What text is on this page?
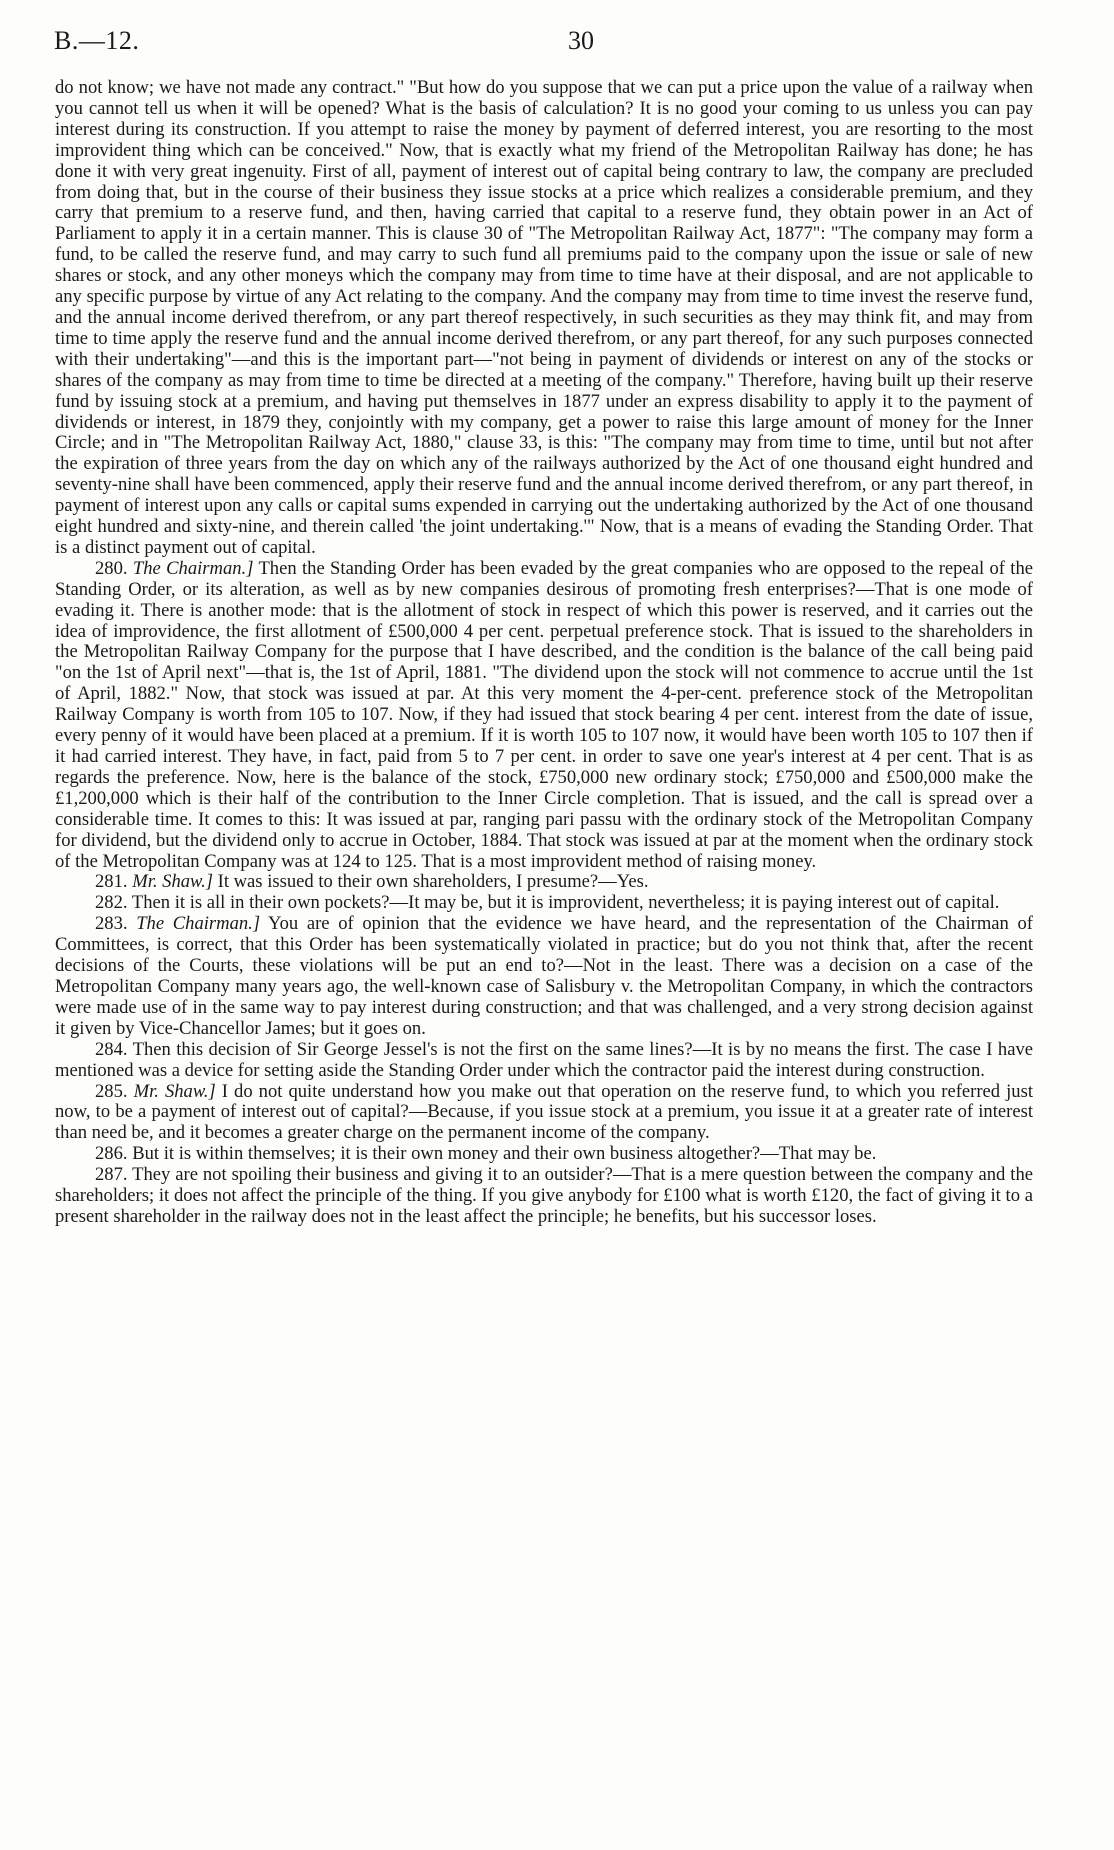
B.—12.	30

do not know; we have not made any contract." "But how do you suppose that we can put a price upon the value of a railway when you cannot tell us when it will be opened? What is the basis of calculation? It is no good your coming to us unless you can pay interest during its construction. If you attempt to raise the money by payment of deferred interest, you are resorting to the most improvident thing which can be conceived." Now, that is exactly what my friend of the Metropolitan Railway has done; he has done it with very great ingenuity. First of all, payment of interest out of capital being contrary to law, the company are precluded from doing that, but in the course of their business they issue stocks at a price which realizes a considerable premium, and they carry that premium to a reserve fund, and then, having carried that capital to a reserve fund, they obtain power in an Act of Parliament to apply it in a certain manner. This is clause 30 of "The Metropolitan Railway Act, 1877": "The company may form a fund, to be called the reserve fund, and may carry to such fund all premiums paid to the company upon the issue or sale of new shares or stock, and any other moneys which the company may from time to time have at their disposal, and are not applicable to any specific purpose by virtue of any Act relating to the company. And the company may from time to time invest the reserve fund, and the annual income derived therefrom, or any part thereof respectively, in such securities as they may think fit, and may from time to time apply the reserve fund and the annual income derived therefrom, or any part thereof, for any such purposes connected with their undertaking"—and this is the important part—"not being in payment of dividends or interest on any of the stocks or shares of the company as may from time to time be directed at a meeting of the company." Therefore, having built up their reserve fund by issuing stock at a premium, and having put themselves in 1877 under an express disability to apply it to the payment of dividends or interest, in 1879 they, conjointly with my company, get a power to raise this large amount of money for the Inner Circle; and in "The Metropolitan Railway Act, 1880," clause 33, is this: "The company may from time to time, until but not after the expiration of three years from the day on which any of the railways authorized by the Act of one thousand eight hundred and seventy-nine shall have been commenced, apply their reserve fund and the annual income derived therefrom, or any part thereof, in payment of interest upon any calls or capital sums expended in carrying out the undertaking authorized by the Act of one thousand eight hundred and sixty-nine, and therein called 'the joint undertaking.'" Now, that is a means of evading the Standing Order. That is a distinct payment out of capital.

280. The Chairman.] Then the Standing Order has been evaded by the great companies who are opposed to the repeal of the Standing Order, or its alteration, as well as by new companies desirous of promoting fresh enterprises?—That is one mode of evading it. There is another mode: that is the allotment of stock in respect of which this power is reserved, and it carries out the idea of improvidence, the first allotment of £500,000 4 per cent. perpetual preference stock. That is issued to the shareholders in the Metropolitan Railway Company for the purpose that I have described, and the condition is the balance of the call being paid "on the 1st of April next"—that is, the 1st of April, 1881. "The dividend upon the stock will not commence to accrue until the 1st of April, 1882." Now, that stock was issued at par. At this very moment the 4-per-cent. preference stock of the Metropolitan Railway Company is worth from 105 to 107. Now, if they had issued that stock bearing 4 per cent. interest from the date of issue, every penny of it would have been placed at a premium. If it is worth 105 to 107 now, it would have been worth 105 to 107 then if it had carried interest. They have, in fact, paid from 5 to 7 per cent. in order to save one year's interest at 4 per cent. That is as regards the preference. Now, here is the balance of the stock, £750,000 new ordinary stock; £750,000 and £500,000 make the £1,200,000 which is their half of the contribution to the Inner Circle completion. That is issued, and the call is spread over a considerable time. It comes to this: It was issued at par, ranging pari passu with the ordinary stock of the Metropolitan Company for dividend, but the dividend only to accrue in October, 1884. That stock was issued at par at the moment when the ordinary stock of the Metropolitan Company was at 124 to 125. That is a most improvident method of raising money.

281. Mr. Shaw.] It was issued to their own shareholders, I presume?—Yes.

282. Then it is all in their own pockets?—It may be, but it is improvident, nevertheless; it is paying interest out of capital.

283. The Chairman.] You are of opinion that the evidence we have heard, and the representation of the Chairman of Committees, is correct, that this Order has been systematically violated in practice; but do you not think that, after the recent decisions of the Courts, these violations will be put an end to?—Not in the least. There was a decision on a case of the Metropolitan Company many years ago, the well-known case of Salisbury v. the Metropolitan Company, in which the contractors were made use of in the same way to pay interest during construction; and that was challenged, and a very strong decision against it given by Vice-Chancellor James; but it goes on.

284. Then this decision of Sir George Jessel's is not the first on the same lines?—It is by no means the first. The case I have mentioned was a device for setting aside the Standing Order under which the contractor paid the interest during construction.

285. Mr. Shaw.] I do not quite understand how you make out that operation on the reserve fund, to which you referred just now, to be a payment of interest out of capital?—Because, if you issue stock at a premium, you issue it at a greater rate of interest than need be, and it becomes a greater charge on the permanent income of the company.

286. But it is within themselves; it is their own money and their own business altogether?—That may be.

287. They are not spoiling their business and giving it to an outsider?—That is a mere question between the company and the shareholders; it does not affect the principle of the thing. If you give anybody for £100 what is worth £120, the fact of giving it to a present shareholder in the railway does not in the least affect the principle; he benefits, but his successor loses.
